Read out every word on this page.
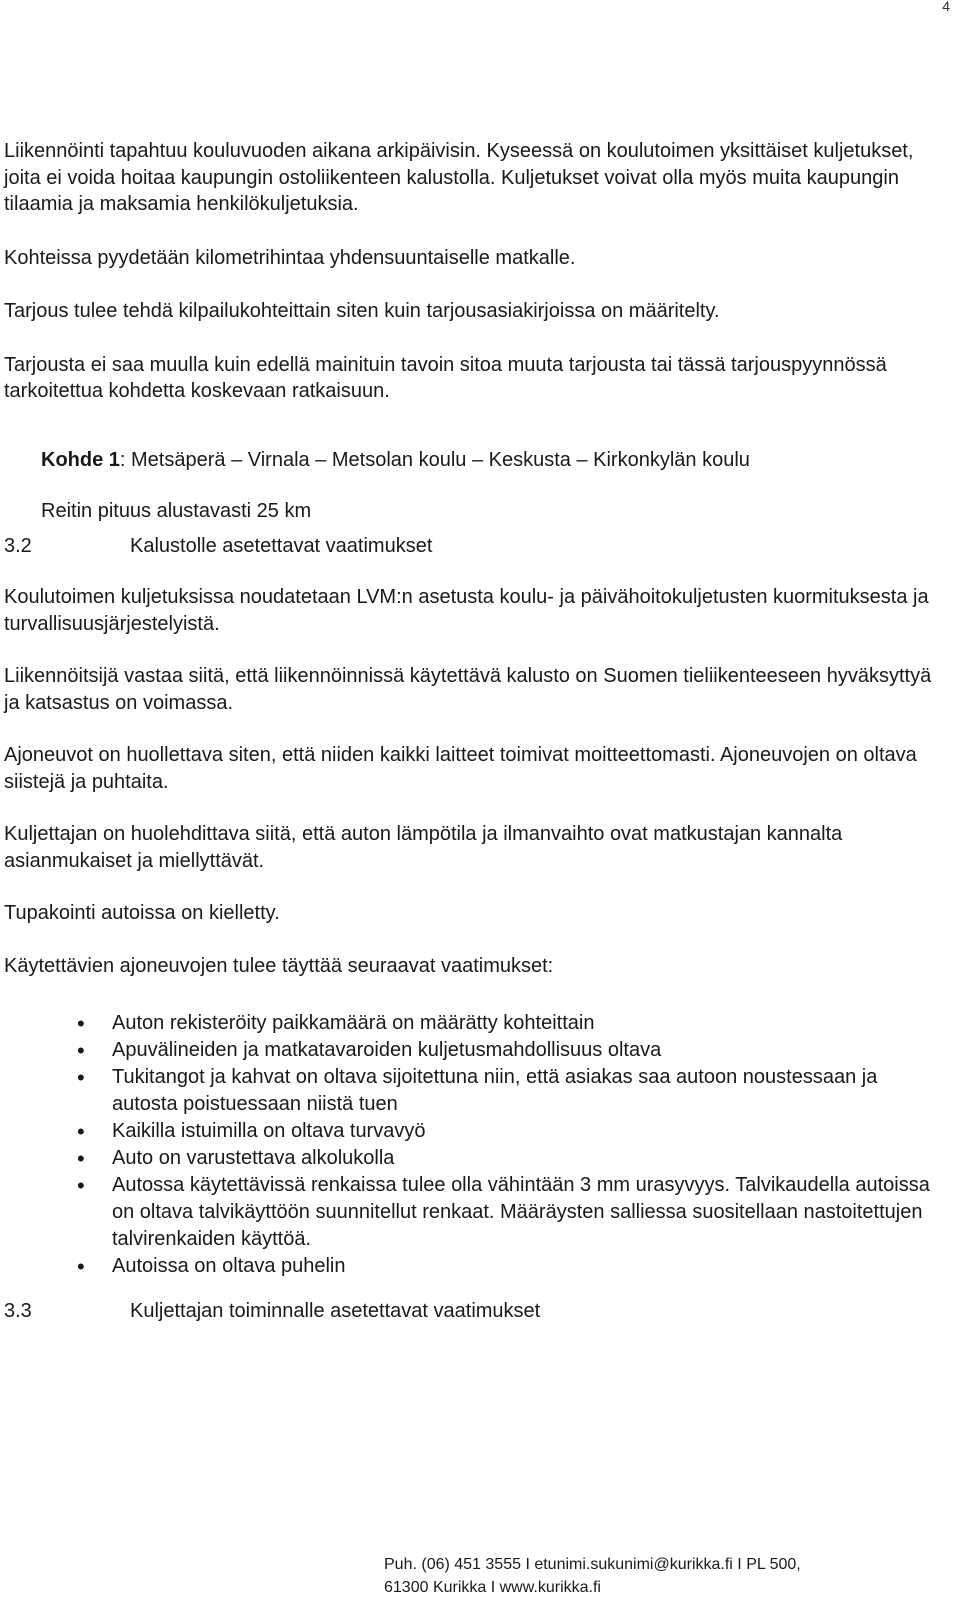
4

Liikennöinti tapahtuu kouluvuoden aikana arkipäivisin. Kyseessä on koulutoimen yksittäiset kuljetukset, joita ei voida hoitaa kaupungin ostoliikenteen kalustolla. Kuljetukset voivat olla myös muita kaupungin tilaamia ja maksamia henkilökuljetuksia.

Kohteissa pyydetään kilometrihintaa yhdensuuntaiselle matkalle.

Tarjous tulee tehdä kilpailukohteittain siten kuin tarjousasiakirjoissa on määritelty.

Tarjousta ei saa muulla kuin edellä mainituin tavoin sitoa muuta tarjousta tai tässä tarjouspyynnössä tarkoitettua kohdetta koskevaan ratkaisuun.

Kohde 1: Metsäperä – Virnala – Metsolan koulu – Keskusta – Kirkonkylän koulu

Reitin pituus alustavasti 25 km

3.2	Kalustolle asetettavat vaatimukset

Koulutoimen kuljetuksissa noudatetaan LVM:n asetusta koulu- ja päivähoitokuljetusten kuormituksesta ja turvallisuusjärjestelyistä.

Liikennöitsijä vastaa siitä, että liikennöinnissä käytettävä kalusto on Suomen tieliikenteeseen hyväksyttyä ja katsastus on voimassa.

Ajoneuvot on huollettava siten, että niiden kaikki laitteet toimivat moitteettomasti. Ajoneuvojen on oltava siistejä ja puhtaita.

Kuljettajan on huolehdittava siitä, että auton lämpötila ja ilmanvaihto ovat matkustajan kannalta asianmukaiset ja miellyttävät.

Tupakointi autoissa on kielletty.

Käytettävien ajoneuvojen tulee täyttää seuraavat vaatimukset:

• Auton rekisteröity paikkamäärä on määrätty kohteittain
• Apuvälineiden ja matkatavaroiden kuljetusmahdollisuus oltava
• Tukitangot ja kahvat on oltava sijoitettuna niin, että asiakas saa autoon noustessaan ja autosta poistuessaan niistä tuen
• Kaikilla istuimilla on oltava turvavyö
• Auto on varustettava alkolukolla
• Autossa käytettävissä renkaissa tulee olla vähintään 3 mm urasyvyys. Talvikaudella autoissa on oltava talvikäyttöön suunnitellut renkaat. Määräysten salliessa suositellaan nastoitettujen talvirenkaiden käyttöä.
• Autoissa on oltava puhelin
3.3	Kuljettajan toiminnalle asetettavat vaatimukset
Puh. (06) 451 3555 I etunimi.sukunimi@kurikka.fi I PL 500,
61300 Kurikka I www.kurikka.fi
